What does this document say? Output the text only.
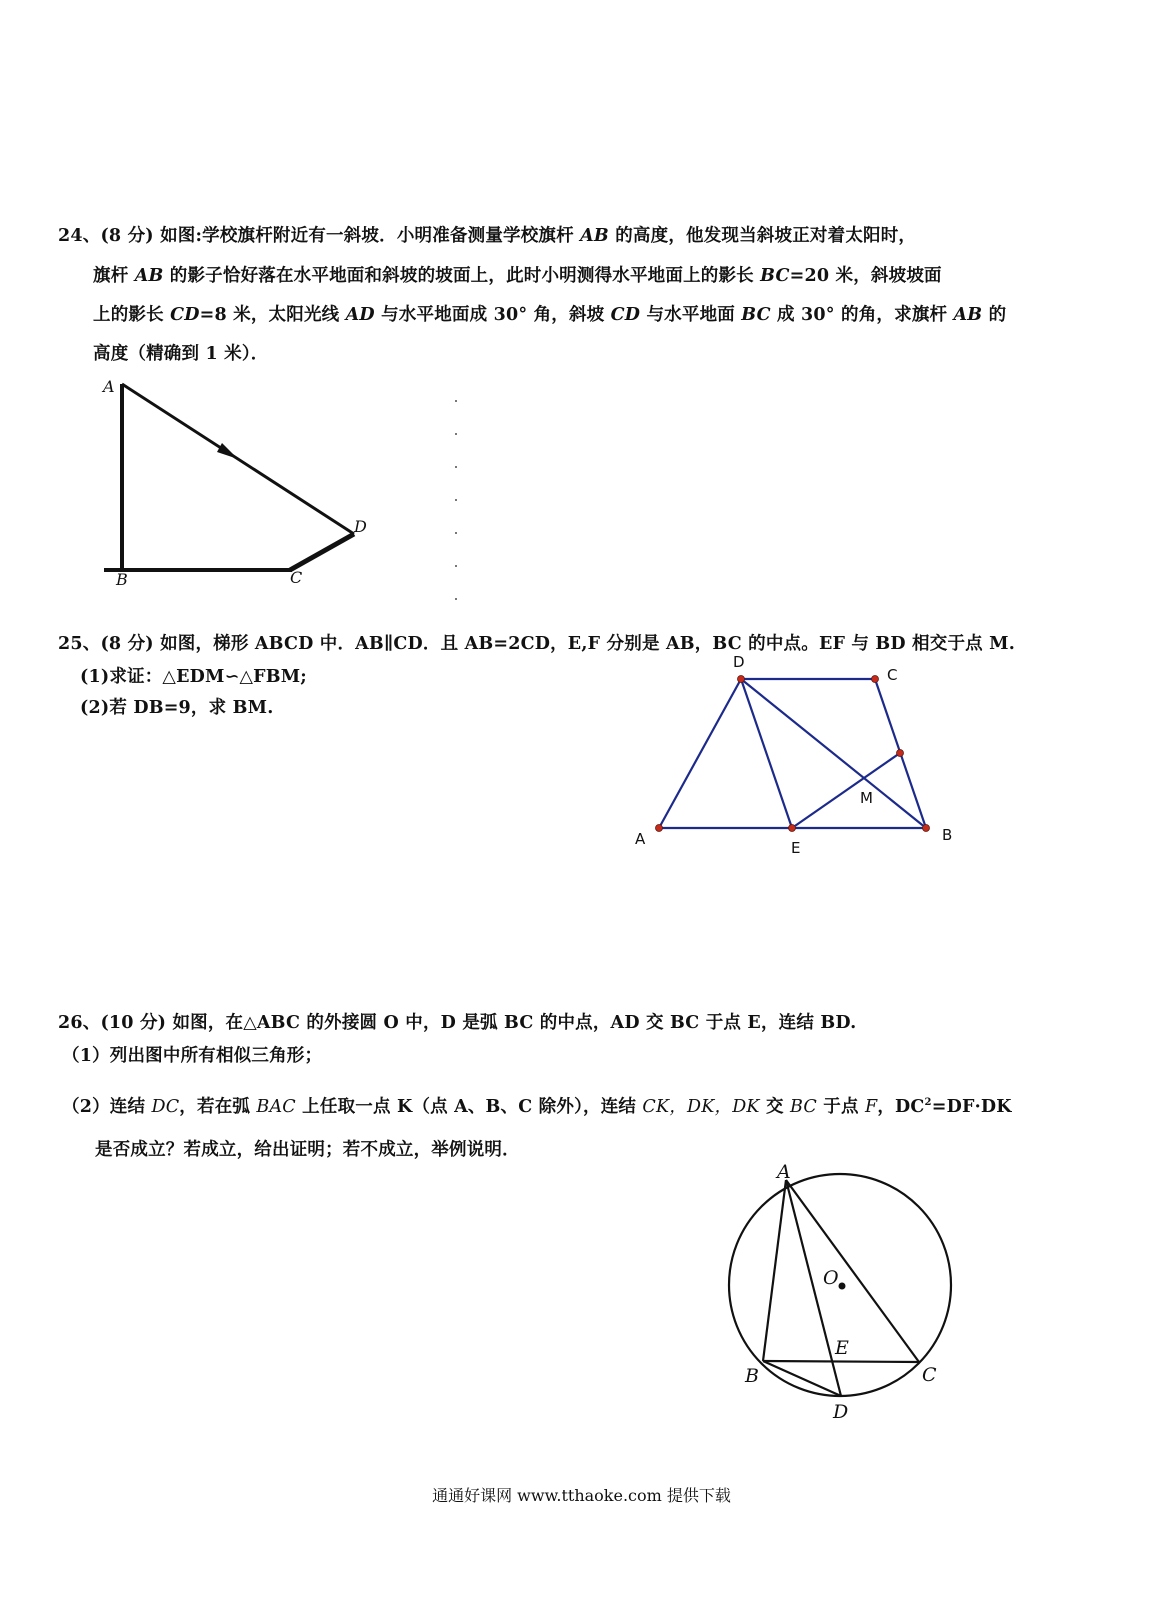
24、(8 分) 如图:学校旗杆附近有一斜坡．小明准备测量学校旗杆 AB 的高度，他发现当斜坡正对着太阳时，
旗杆 AB 的影子恰好落在水平地面和斜坡的坡面上，此时小明测得水平地面上的影长 BC=20 米，斜坡坡面
上的影长 CD=8 米，太阳光线 AD 与水平地面成 30° 角，斜坡 CD 与水平地面 BC 成 30° 的角，求旗杆 AB 的
高度（精确到 1 米）．
A
B	C
D
25、(8 分) 如图，梯形 ABCD 中．AB∥CD．且 AB=2CD，E,F 分别是 AB，BC 的中点。EF 与 BD 相交于点 M.
(1)求证：△EDM∽△FBM;
(2)若 DB=9，求 BM.
A	B
C
D
E
M
26、(10 分) 如图，在△ABC 的外接圆 O 中，D 是弧 BC 的中点，AD 交 BC 于点 E，连结 BD.
（1）列出图中所有相似三角形；
（2）连结 DC，若在弧 BAC 上任取一点 K（点 A、B、C 除外），连结 CK，DK，DK 交 BC 于点 F，$DC^2=DF\cdot DK$
是否成立？若成立，给出证明；若不成立，举例说明．
A
B	C
D
E
O
通通好课网 www.tthaoke.com 提供下载
